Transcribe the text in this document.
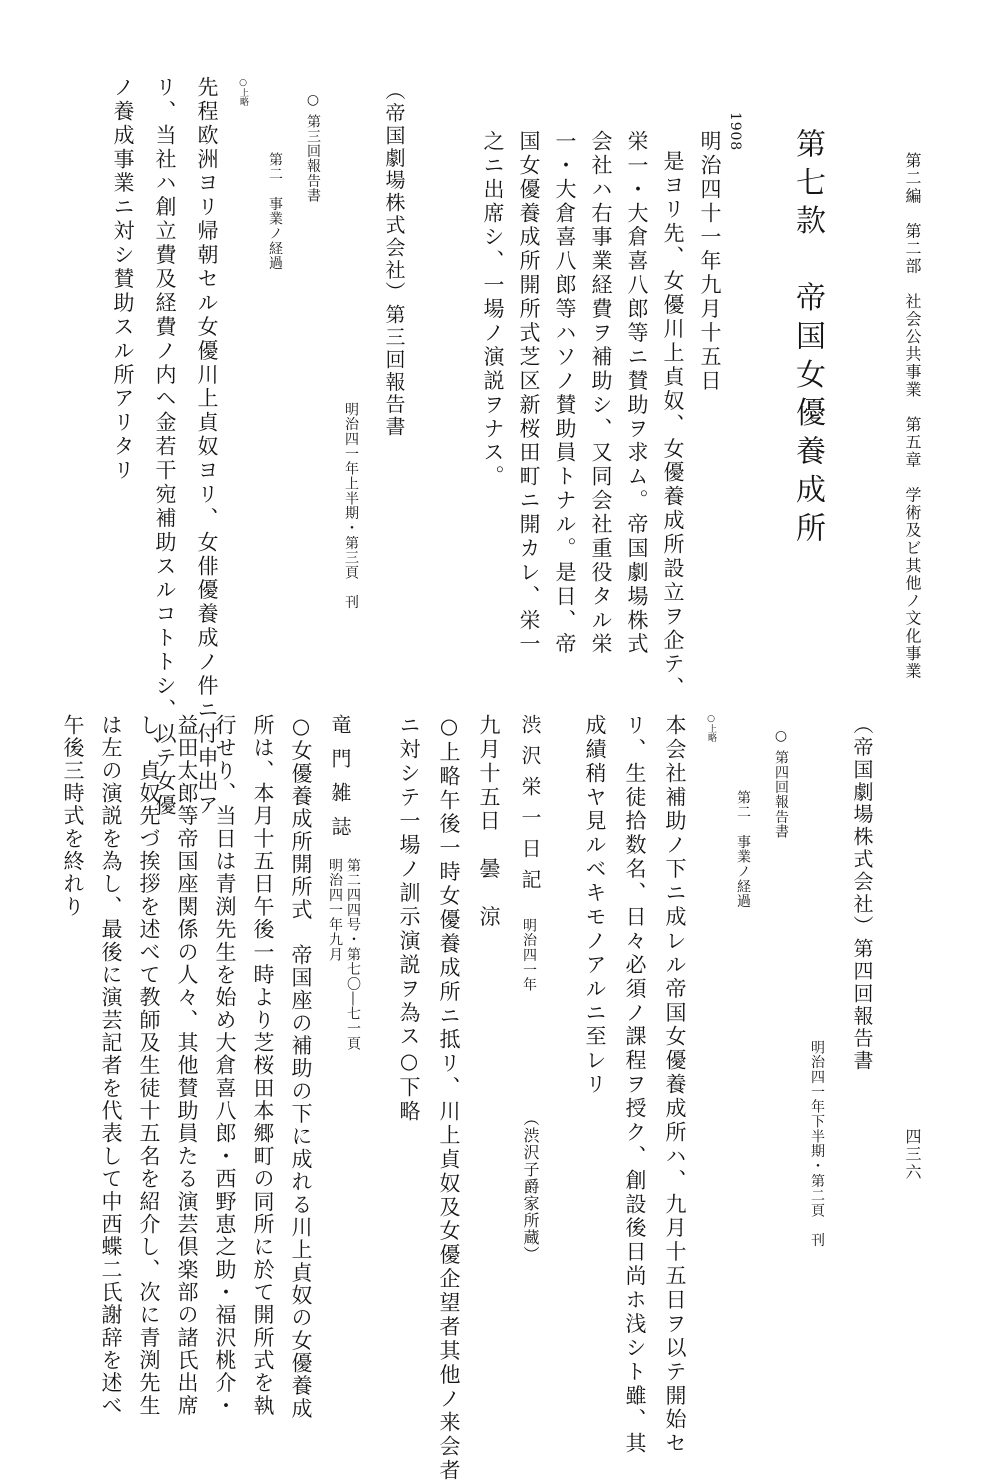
第二編　第二部　社会公共事業　第五章　学術及ビ其他ノ文化事業
四三六
第七款　帝国女優養成所
1908
明治四十一年九月十五日
是ヨリ先、女優川上貞奴、女優養成所設立ヲ企テ、
栄一・大倉喜八郎等ニ賛助ヲ求ム。帝国劇場株式
会社ハ右事業経費ヲ補助シ、又同会社重役タル栄
一・大倉喜八郎等ハソノ賛助員トナル。是日、帝
国女優養成所開所式芝区新桜田町ニ開カレ、栄一
之ニ出席シ、一場ノ演説ヲナス。
（帝国劇場株式会社）第三回報告書
明治四一年上半期・第三頁　刊
○ 第三回報告書
第二　事業ノ経過
○上略
先程欧洲ヨリ帰朝セル女優川上貞奴ヨリ、女俳優養成ノ件ニ付申出ア
リ、当社ハ創立費及経費ノ内ヘ金若干宛補助スルコトトシ、以テ女優
ノ養成事業ニ対シ賛助スル所アリタリ
（帝国劇場株式会社）第四回報告書
明治四一年下半期・第二頁　刊
○ 第四回報告書
第二　事業ノ経過
○上略
本会社補助ノ下ニ成レル帝国女優養成所ハ、九月十五日ヲ以テ開始セ
リ、生徒拾数名、日々必須ノ課程ヲ授ク、創設後日尚ホ浅シト雖、其
成績稍ヤ見ルベキモノアルニ至レリ
渋沢栄一日記
明治四一年
（渋沢子爵家所蔵）
九月十五日　曇　涼
○上略午後一時女優養成所ニ抵リ、川上貞奴及女優企望者其他ノ来会者
ニ対シテ一場ノ訓示演説ヲ為ス○下略
竜門雑誌
第二四四号・第七〇―七一頁
明治四一年九月
○女優養成所開所式　帝国座の補助の下に成れる川上貞奴の女優養成
所は、本月十五日午後一時より芝桜田本郷町の同所に於て開所式を執
行せり、当日は青渕先生を始め大倉喜八郎・西野恵之助・福沢桃介・
益田太郎等帝国座関係の人々、其他賛助員たる演芸倶楽部の諸氏出席
し、貞奴先づ挨拶を述べて教師及生徒十五名を紹介し、次に青渕先生
は左の演説を為し、最後に演芸記者を代表して中西蝶二氏謝辞を述べ
午後三時式を終れり
